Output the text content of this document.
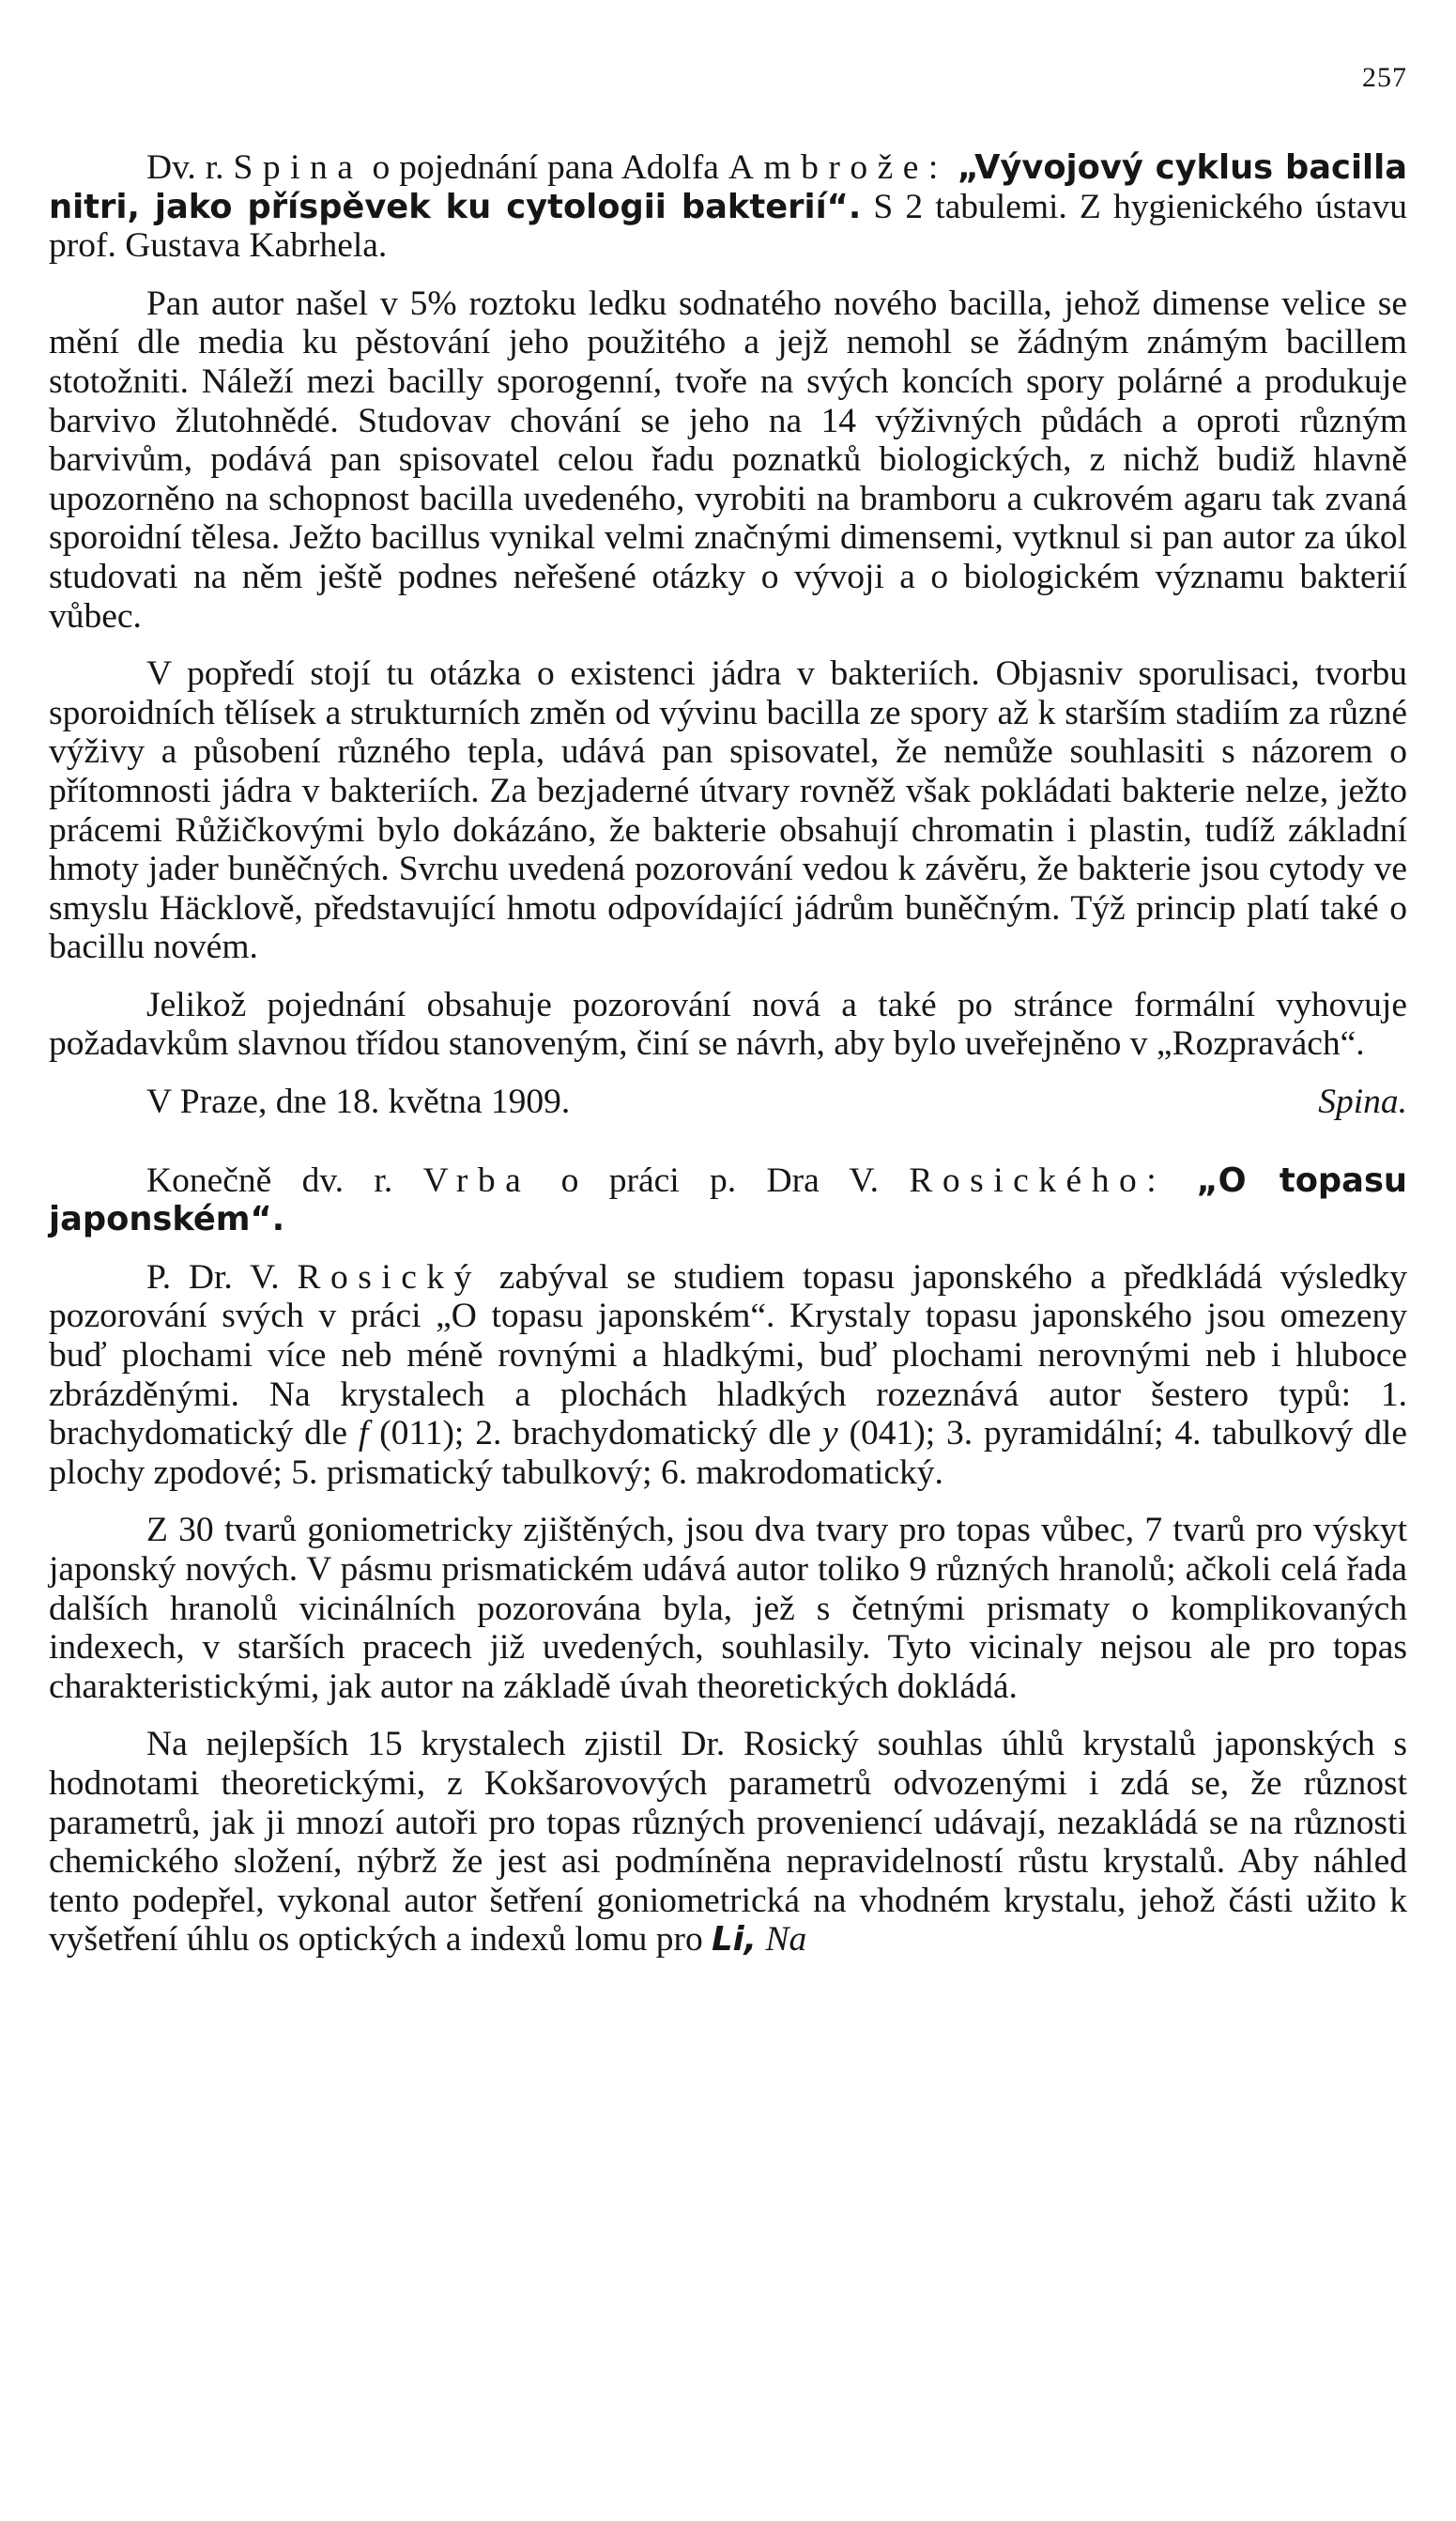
257

Dv. r. Spina o pojednání pana Adolfa Ambrože: „Vývojový cyklus bacilla nitri, jako příspěvek ku cytologii bakterií“. S 2 tabulemi. Z hygienického ústavu prof. Gustava Kabrhela.

Pan autor našel v 5% roztoku ledku sodnatého nového bacilla, jehož dimense velice se mění dle media ku pěstování jeho použitého a jejž nemohl se žádným známým bacillem stotožniti. Náleží mezi bacilly sporogenní, tvoře na svých koncích spory polárné a produkuje barvivo žlutohnědé. Studovav chování se jeho na 14 výživných půdách a oproti různým barvivům, podává pan spisovatel celou řadu poznatků biologických, z nichž budiž hlavně upozorněno na schopnost bacilla uvedeného, vyrobiti na bramboru a cukrovém agaru tak zvaná sporoidní tělesa. Ježto bacillus vynikal velmi značnými dimensemi, vytknul si pan autor za úkol studovati na něm ještě podnes neřešené otázky o vývoji a o biologickém významu bakterií vůbec.

V popředí stojí tu otázka o existenci jádra v bakteriích. Objasniv sporulisaci, tvorbu sporoidních tělísek a strukturních změn od vývinu bacilla ze spory až k starším stadiím za různé výživy a působení různého tepla, udává pan spisovatel, že nemůže souhlasiti s názorem o přítomnosti jádra v bakteriích. Za bezjaderné útvary rovněž však pokládati bakterie nelze, ježto prácemi Růžičkovými bylo dokázáno, že bakterie obsahují chromatin i plastin, tudíž základní hmoty jader buněčných. Svrchu uvedená pozorování vedou k závěru, že bakterie jsou cytody ve smyslu Häcklově, představující hmotu odpovídající jádrům buněčným. Týž princip platí také o bacillu novém.

Jelikož pojednání obsahuje pozorování nová a také po stránce formální vyhovuje požadavkům slavnou třídou stanoveným, činí se návrh, aby bylo uveřejněno v „Rozpravách“.

V Praze, dne 18. května 1909.	Spina.

Konečně dv. r. Vrba o práci p. Dra V. Rosického: „O topasu japonském“.

P. Dr. V. Rosický zabýval se studiem topasu japonského a předkládá výsledky pozorování svých v práci „O topasu japonském“. Krystaly topasu japonského jsou omezeny buď plochami více neb méně rovnými a hladkými, buď plochami nerovnými neb i hluboce zbrázděnými. Na krystalech a plochách hladkých rozeznává autor šestero typů: 1. brachydomatický dle f (011); 2. brachydomatický dle y (041); 3. pyramidální; 4. tabulkový dle plochy zpodové; 5. prismatický tabulkový; 6. makrodomatický.

Z 30 tvarů goniometricky zjištěných, jsou dva tvary pro topas vůbec, 7 tvarů pro výskyt japonský nových. V pásmu prismatickém udává autor toliko 9 různých hranolů; ačkoli celá řada dalších hranolů vicinálních pozorována byla, jež s četnými prismaty o komplikovaných indexech, v starších pracech již uvedených, souhlasily. Tyto vicinaly nejsou ale pro topas charakteristickými, jak autor na základě úvah theoretických dokládá.

Na nejlepších 15 krystalech zjistil Dr. Rosický souhlas úhlů krystalů japonských s hodnotami theoretickými, z Kokšarovových parametrů odvozenými i zdá se, že různost parametrů, jak ji mnozí autoři pro topas různých proveniencí udávají, nezakládá se na různosti chemického složení, nýbrž že jest asi podmíněna nepravidelností růstu krystalů. Aby náhled tento podepřel, vykonal autor šetření goniometrická na vhodném krystalu, jehož části užito k vyšetření úhlu os optických a indexů lomu pro Li, Na
